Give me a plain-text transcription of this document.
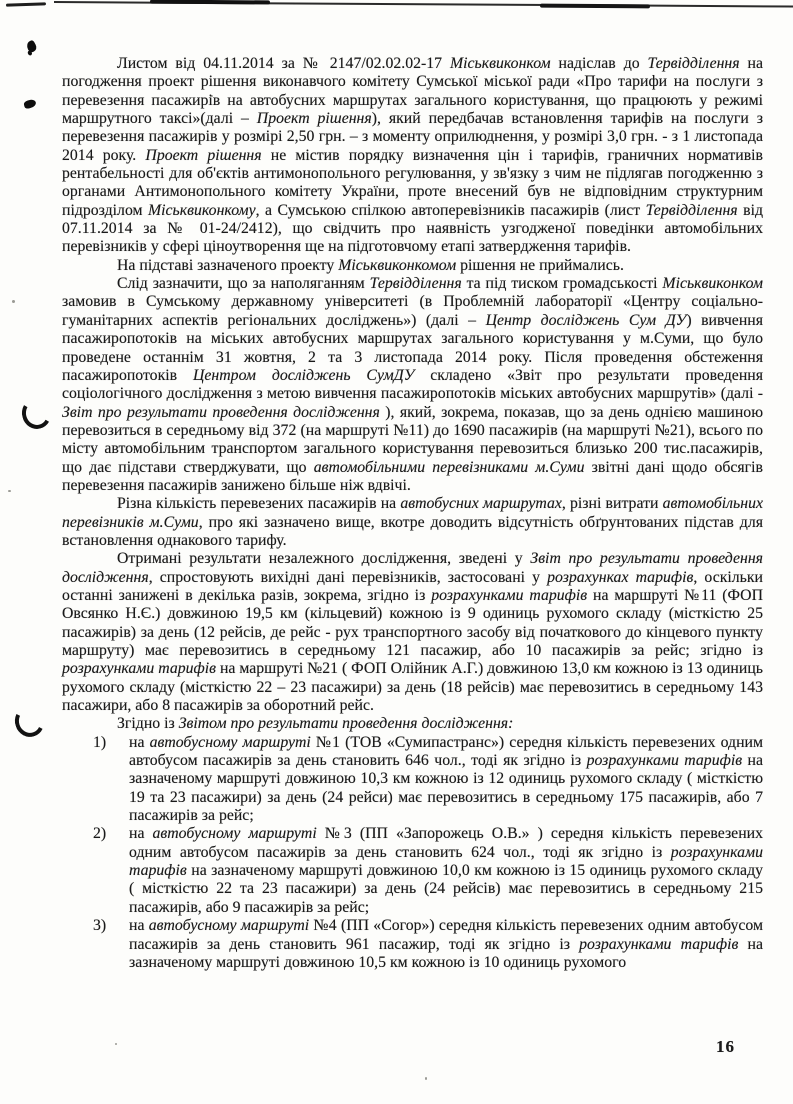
Листом від 04.11.2014 за № 2147/02.02.02-17 Міськвиконком надіслав до Тервідділення на погодження проект рішення виконавчого комітету Сумської міської ради «Про тарифи на послуги з перевезення пасажирів на автобусних маршрутах загального користування, що працюють у режимі маршрутного таксі»(далі – Проект рішення), який передбачав встановлення тарифів на послуги з перевезення пасажирів у розмірі 2,50 грн. – з моменту оприлюднення, у розмірі 3,0 грн. - з 1 листопада 2014 року. Проект рішення не містив порядку визначення цін і тарифів, граничних нормативів рентабельності для об'єктів антимонопольного регулювання, у зв'язку з чим не підлягав погодженню з органами Антимонопольного комітету України, проте внесений був не відповідним структурним підрозділом Міськвиконкому, а Сумською спілкою автоперевізників пасажирів (лист Тервідділення від 07.11.2014 за № 01-24/2412), що свідчить про наявність узгодженої поведінки автомобільних перевізників у сфері ціноутворення ще на підготовчому етапі затвердження тарифів.

На підставі зазначеного проекту Міськвиконкомом рішення не приймались.

Слід зазначити, що за наполяганням Тервідділення та під тиском громадськості Міськвиконком замовив в Сумському державному університеті (в Проблемній лабораторії «Центру соціально-гуманітарних аспектів регіональних досліджень») (далі – Центр досліджень Сум ДУ) вивчення пасажиропотоків на міських автобусних маршрутах загального користування у м.Суми, що було проведене останнім 31 жовтня, 2 та 3 листопада 2014 року. Після проведення обстеження пасажиропотоків Центром досліджень СумДУ складено «Звіт про результати проведення соціологічного дослідження з метою вивчення пасажиропотоків міських автобусних маршрутів» (далі - Звіт про результати проведення дослідження ), який, зокрема, показав, що за день однією машиною перевозиться в середньому від 372 (на маршруті №11) до 1690 пасажирів (на маршруті №21), всього по місту автомобільним транспортом загального користування перевозиться близько 200 тис.пасажирів, що дає підстави стверджувати, що автомобільними перевізниками м.Суми звітні дані щодо обсягів перевезення пасажирів занижено більше ніж вдвічі.

Різна кількість перевезених пасажирів на автобусних маршрутах, різні витрати автомобільних перевізників м.Суми, про які зазначено вище, вкотре доводить відсутність обґрунтованих підстав для встановлення однакового тарифу.

Отримані результати незалежного дослідження, зведені у Звіт про результати проведення дослідження, спростовують вихідні дані перевізників, застосовані у розрахунках тарифів, оскільки останні занижені в декілька разів, зокрема, згідно із розрахунками тарифів на маршруті №11 (ФОП Овсянко Н.Є.) довжиною 19,5 км (кільцевий) кожною із 9 одиниць рухомого складу (місткістю 25 пасажирів) за день (12 рейсів, де рейс - рух транспортного засобу від початкового до кінцевого пункту маршруту) має перевозитись в середньому 121 пасажир, або 10 пасажирів за рейс; згідно із розрахунками тарифів на маршруті №21 ( ФОП Олійник А.Г.) довжиною 13,0 км кожною із 13 одиниць рухомого складу (місткістю 22 – 23 пасажири) за день (18 рейсів) має перевозитись в середньому 143 пасажири, або 8 пасажирів за оборотний рейс.

Згідно із Звітом про результати проведення дослідження:

1)	на автобусному маршруті №1 (ТОВ «Сумипастранс») середня кількість перевезених одним автобусом пасажирів за день становить 646 чол., тоді як згідно із розрахунками тарифів на зазначеному маршруті довжиною 10,3 км кожною із 12 одиниць рухомого складу ( місткістю 19 та 23 пасажири) за день (24 рейси) має перевозитись в середньому 175 пасажирів, або 7 пасажирів за рейс;
2)	на автобусному маршруті №3 (ПП «Запорожець О.В.» ) середня кількість перевезених одним автобусом пасажирів за день становить 624 чол., тоді як згідно із розрахунками тарифів на зазначеному маршруті довжиною 10,0 км кожною із 15 одиниць рухомого складу ( місткістю 22 та 23 пасажири) за день (24 рейсів) має перевозитись в середньому 215 пасажирів, або 9 пасажирів за рейс;
3)	на автобусному маршруті №4 (ПП «Согор») середня кількість перевезених одним автобусом пасажирів за день становить 961 пасажир, тоді як згідно із розрахунками тарифів на зазначеному маршруті довжиною 10,5 км кожною із 10 одиниць рухомого
16
